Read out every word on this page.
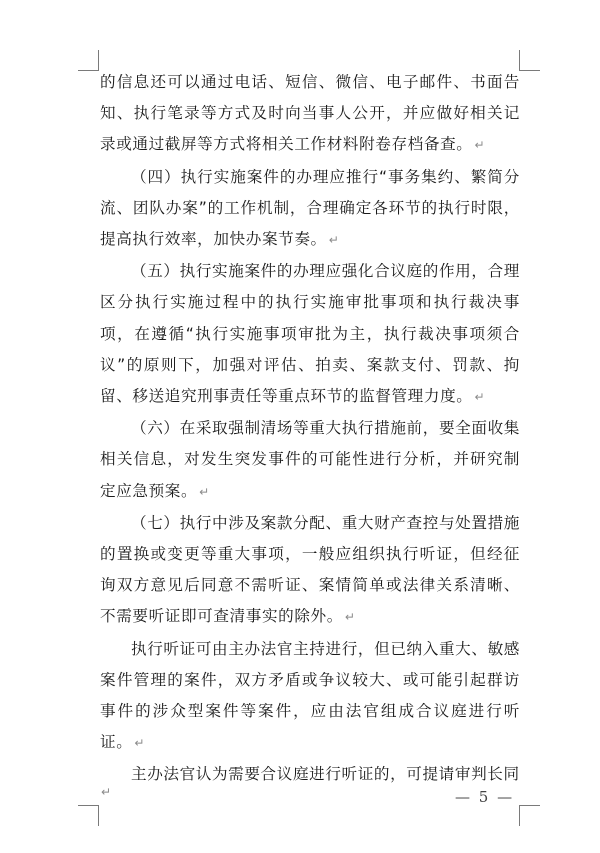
的信息还可以通过电话、短信、微信、电子邮件、书面告知、执行笔录等方式及时向当事人公开，并应做好相关记录或通过截屏等方式将相关工作材料附卷存档备查。 ↵

（四）执行实施案件的办理应推行“事务集约、繁简分流、团队办案”的工作机制，合理确定各环节的执行时限，提高执行效率，加快办案节奏。 ↵

（五）执行实施案件的办理应强化合议庭的作用，合理区分执行实施过程中的执行实施审批事项和执行裁决事项，在遵循“执行实施事项审批为主，执行裁决事项须合议”的原则下，加强对评估、拍卖、案款支付、罚款、拘留、移送追究刑事责任等重点环节的监督管理力度。 ↵

（六）在采取强制清场等重大执行措施前，要全面收集相关信息，对发生突发事件的可能性进行分析，并研究制定应急预案。 ↵

（七）执行中涉及案款分配、重大财产查控与处置措施的置换或变更等重大事项，一般应组织执行听证，但经征询双方意见后同意不需听证、案情简单或法律关系清晰、不需要听证即可查清事实的除外。 ↵

执行听证可由主办法官主持进行，但已纳入重大、敏感案件管理的案件，双方矛盾或争议较大、或可能引起群访事件的涉众型案件等案件，应由法官组成合议庭进行听证。 ↵

主办法官认为需要合议庭进行听证的，可提请审判长同

↵	— 5 —
